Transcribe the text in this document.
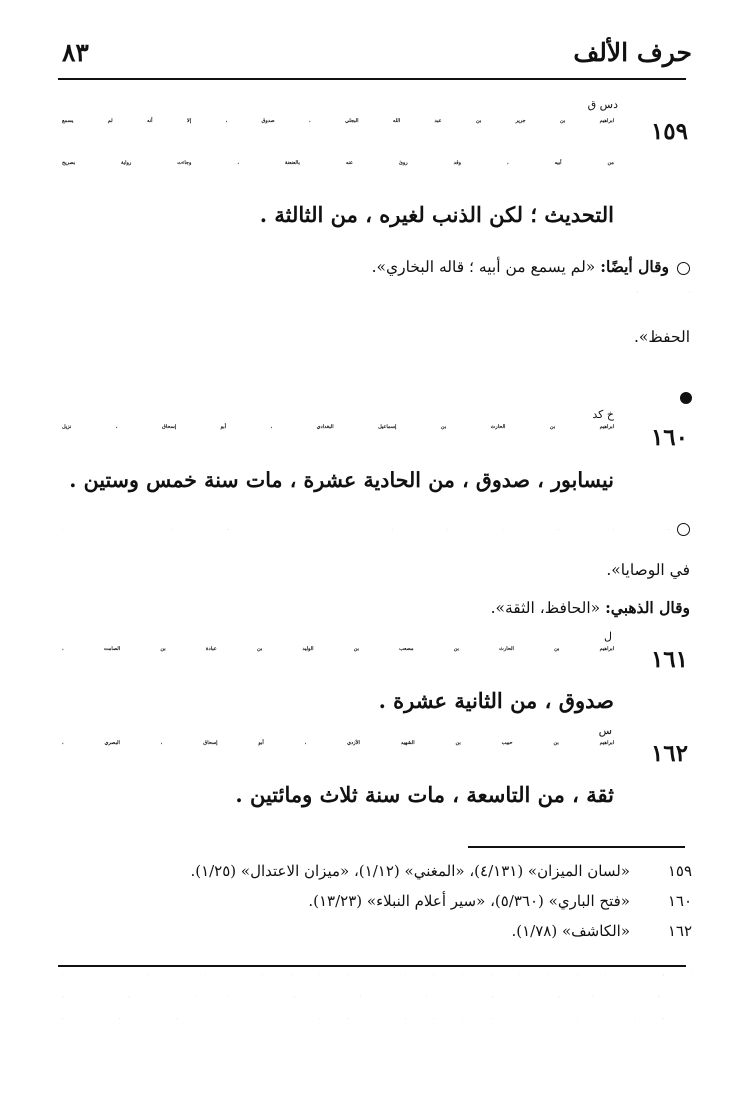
حرف الألف
٨٣
دس ق
١٥٩
ابراهيم بن جرير بن عبد الله البجلي ، صدوق ، إلا أنه لم يسمع
من أبيه ، وقد روىٰ عنه بالعنعنة ، وجاءت رواية بصريح
التحديث ؛ لكن الذنب لغيره ، من الثالثة .
وقال أيضًا: «لم يسمع من أبيه ؛ قاله البخاري».
الحفظ».
خ كد
١٦٠
ابراهيم بن الحارث بن إسماعيل البغدادي ، أبو إسحاق ، نزيل
نيسابور ، صدوق ، من الحادية عشرة ، مات سنة خمس وستين .
في الوصايا».
وقال الذهبي: «الحافظ، الثقة».
ل
١٦١
ابراهيم بن الحارث بن مصعب بن الوليد بن عبادة بن الصامت ،
صدوق ، من الثانية عشرة .
س
١٦٢
ابراهيم بن حبيب بن الشهيد الأزدي ، أبو إسحاق ، البصري ،
ثقة ، من التاسعة ، مات سنة ثلاث ومائتين .
١٥٩
«لسان الميزان» (٤/١٣١)، «المغني» (١/١٢)، «ميزان الاعتدال» (١/٢٥).
١٦٠
«فتح الباري» (٥/٣٦٠)، «سير أعلام النبلاء» (١٣/٢٣).
١٦٢
«الكاشف» (١/٧٨).
